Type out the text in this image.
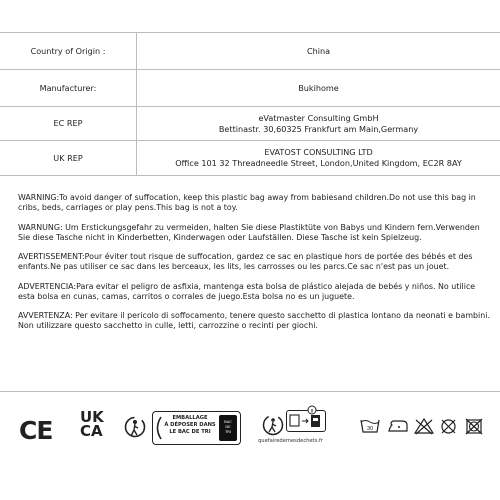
Country of Origin :	China
Manufacturer:	Bukihome
EC REP	eVatmaster Consulting GmbH
Bettinastr. 30,60325 Frankfurt am Main,Germany

UK REP	EVATOST CONSULTING LTD
Office 101 32 Threadneedle Street, London,United Kingdom, EC2R 8AY

WARNING:To avoid danger of suffocation, keep this plastic bag away from babiesand children.Do not use this bag in cribs, beds, carriages or play pens.This bag is not a toy.

WARNUNG: Um Erstickungsgefahr zu vermeiden, halten Sie diese Plastiktüte von Babys und Kindern fern.Verwenden Sie diese Tasche nicht in Kinderbetten, Kinderwagen oder Laufställen. Diese Tasche ist kein Spielzeug.

AVERTISSEMENT:Pour éviter tout risque de suffocation, gardez ce sac en plastique hors de portée des bébés et des enfants.Ne pas utiliser ce sac dans les berceaux, les lits, les carrosses ou les parcs.Ce sac n'est pas un jouet.

ADVERTENCIA:Para evitar el peligro de asfixia, mantenga esta bolsa de plástico alejada de bebés y niños. No utilice esta bolsa en cunas, camas, carritos o corrales de juego.Esta bolsa no es un juguete.

AVVERTENZA: Per evitare il pericolo di soffocamento, tenere questo sacchetto di plastica lontano da neonati e bambini. Non utilizzare questo sacchetto in culle, letti, carrozzine o recinti per giochi.

CE UK
CA
EMBALLAGE
À DÉPOSER DANS
LE BAC DE TRI
BAC
DE
TRI
quefairedemesdechets.fr
30
